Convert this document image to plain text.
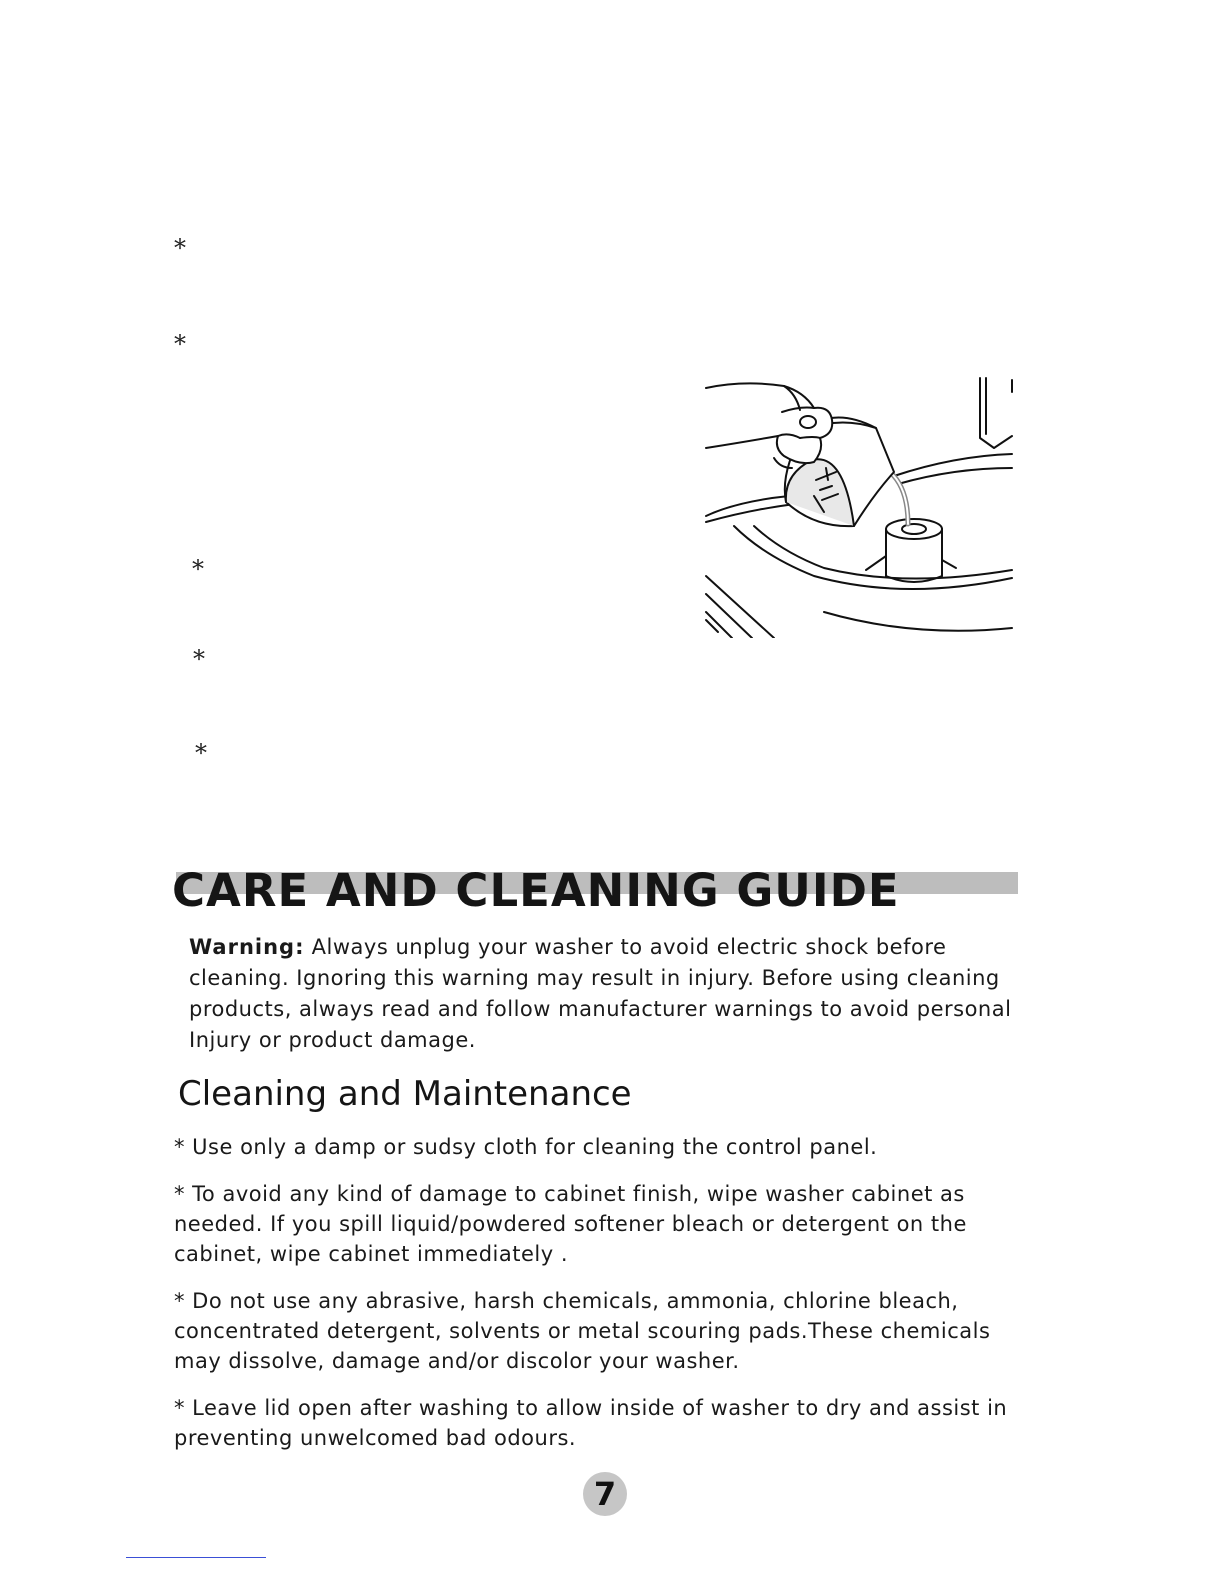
*
*
*
*
*
CARE AND CLEANING GUIDE

Warning: Always unplug your washer to avoid electric shock before cleaning. Ignoring this warning may result in injury. Before using cleaning products, always read and follow manufacturer warnings to avoid personal Injury or product damage.

Cleaning and Maintenance

* Use only a damp or sudsy cloth for cleaning the control panel.

* To avoid any kind of damage to cabinet finish, wipe washer cabinet as needed. If you spill liquid/powdered softener bleach or detergent on the cabinet, wipe cabinet immediately .

* Do not use any abrasive, harsh chemicals, ammonia, chlorine bleach, concentrated detergent, solvents or metal scouring pads.These chemicals may dissolve, damage and/or discolor your washer.

* Leave lid open after washing to allow inside of washer to dry and assist in preventing unwelcomed bad odours.

7
